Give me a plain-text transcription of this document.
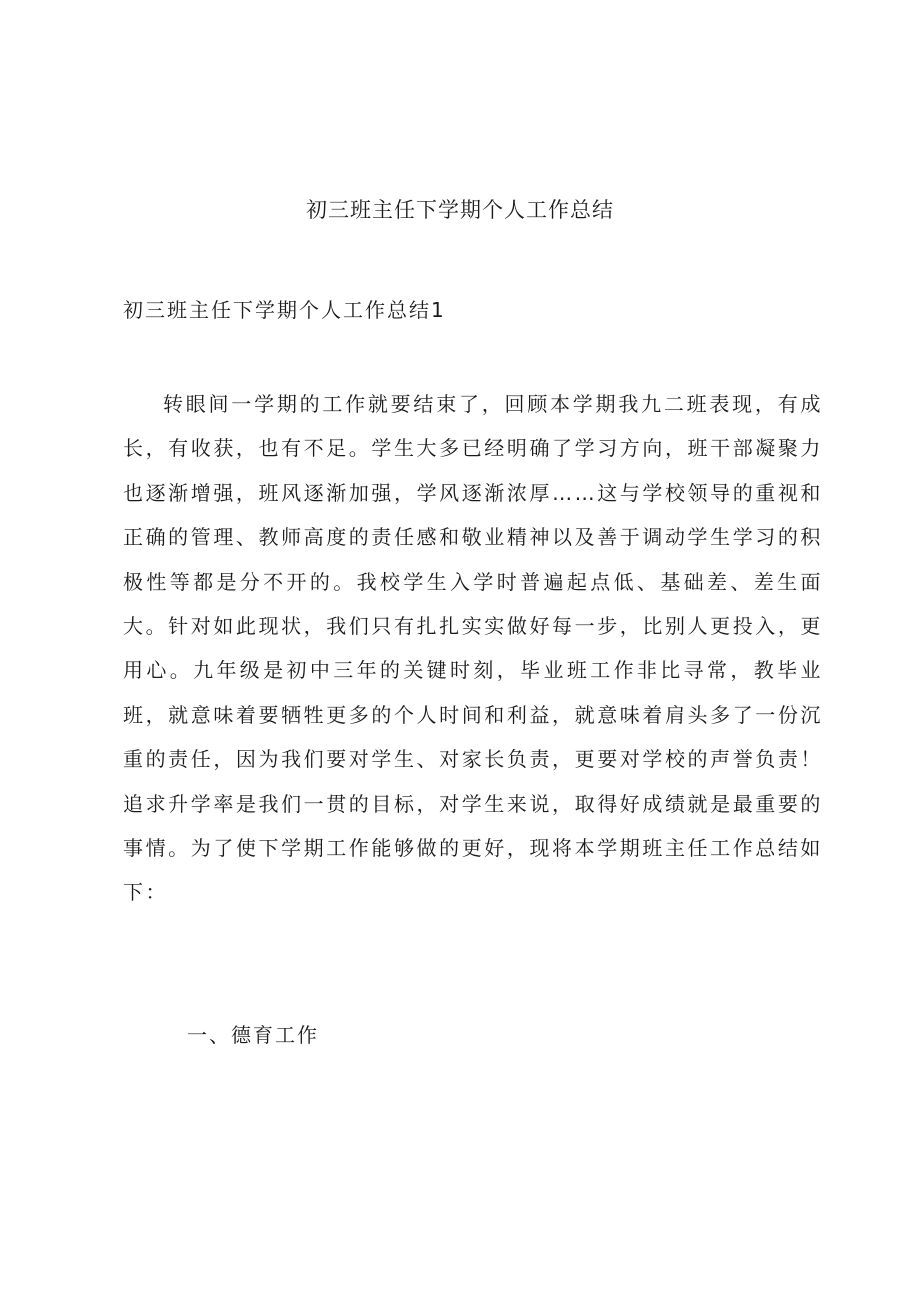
初三班主任下学期个人工作总结
初三班主任下学期个人工作总结1

转眼间一学期的工作就要结束了，回顾本学期我九二班表现，有成长，有收获，也有不足。学生大多已经明确了学习方向，班干部凝聚力也逐渐增强，班风逐渐加强，学风逐渐浓厚……这与学校领导的重视和正确的管理、教师高度的责任感和敬业精神以及善于调动学生学习的积极性等都是分不开的。我校学生入学时普遍起点低、基础差、差生面大。针对如此现状，我们只有扎扎实实做好每一步，比别人更投入，更用心。九年级是初中三年的关键时刻，毕业班工作非比寻常，教毕业班，就意味着要牺牲更多的个人时间和利益，就意味着肩头多了一份沉重的责任，因为我们要对学生、对家长负责，更要对学校的声誉负责！追求升学率是我们一贯的目标，对学生来说，取得好成绩就是最重要的事情。为了使下学期工作能够做的更好，现将本学期班主任工作总结如下：

一、德育工作
